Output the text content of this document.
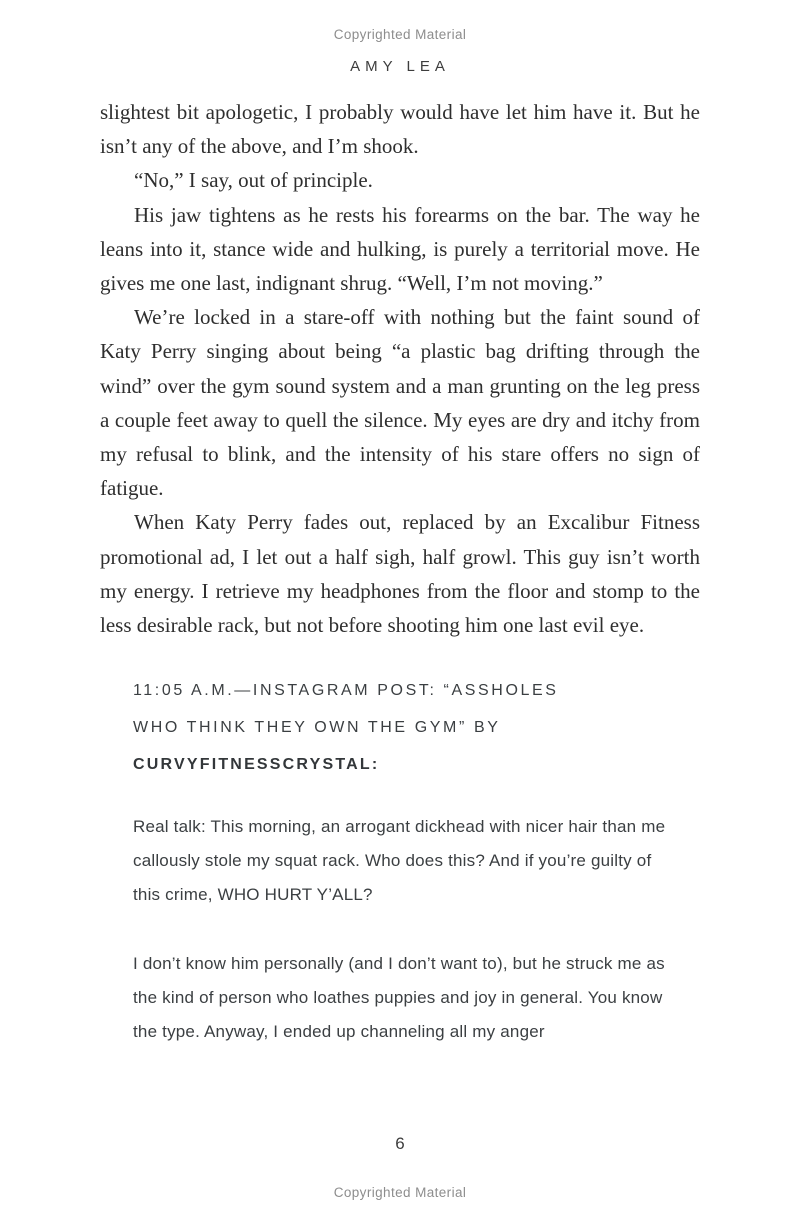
Copyrighted Material
AMY LEA

slightest bit apologetic, I probably would have let him have it. But he isn’t any of the above, and I’m shook.

“No,” I say, out of principle.

His jaw tightens as he rests his forearms on the bar. The way he leans into it, stance wide and hulking, is purely a territorial move. He gives me one last, indignant shrug. “Well, I’m not moving.”

We’re locked in a stare-off with nothing but the faint sound of Katy Perry singing about being “a plastic bag drifting through the wind” over the gym sound system and a man grunting on the leg press a couple feet away to quell the silence. My eyes are dry and itchy from my refusal to blink, and the intensity of his stare offers no sign of fatigue.

When Katy Perry fades out, replaced by an Excalibur Fitness promotional ad, I let out a half sigh, half growl. This guy isn’t worth my energy. I retrieve my headphones from the floor and stomp to the less desirable rack, but not before shooting him one last evil eye.

11:05 A.M.—INSTAGRAM POST: “ASSHOLES
WHO THINK THEY OWN THE GYM” BY
CURVYFITNESSCRYSTAL:

Real talk: This morning, an arrogant dickhead with nicer hair than me callously stole my squat rack. Who does this? And if you’re guilty of this crime, WHO HURT Y’ALL?

I don’t know him personally (and I don’t want to), but he struck me as the kind of person who loathes puppies and joy in general. You know the type. Anyway, I ended up channeling all my anger

6
Copyrighted Material
